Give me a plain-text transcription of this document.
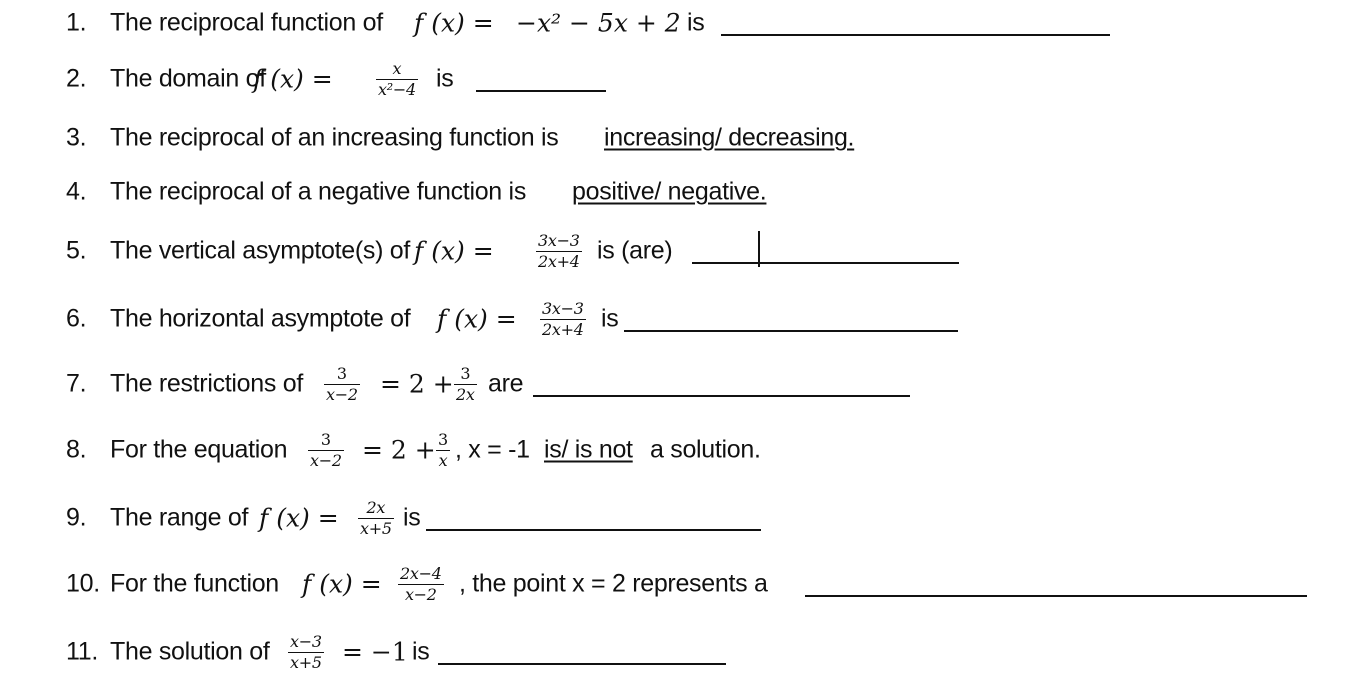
1. The reciprocal function of f (x) = −x² − 5x + 2 is
2. The domain of
f (x) =	x
x²−4 is
3. The reciprocal of an increasing function is increasing/ decreasing.
4. The reciprocal of a negative function is positive/ negative.
5. The vertical asymptote(s) of f (x) =	3x−3
2x+4 is (are)
6. The horizontal asymptote of f (x) = 3x−3
2x+4 is
7. The restrictions of 3
x−2 = 2 + 3
2x are
8. For the equation 3
x−2 = 2 + 3
x , x = -1 is/ is not a solution.
9. The range of f (x) = 2x
x+5 is
10. For the function f (x) = 2x−4
x−2 , the point x = 2 represents a
11. The solution of x−3
x+5 = −1 is
